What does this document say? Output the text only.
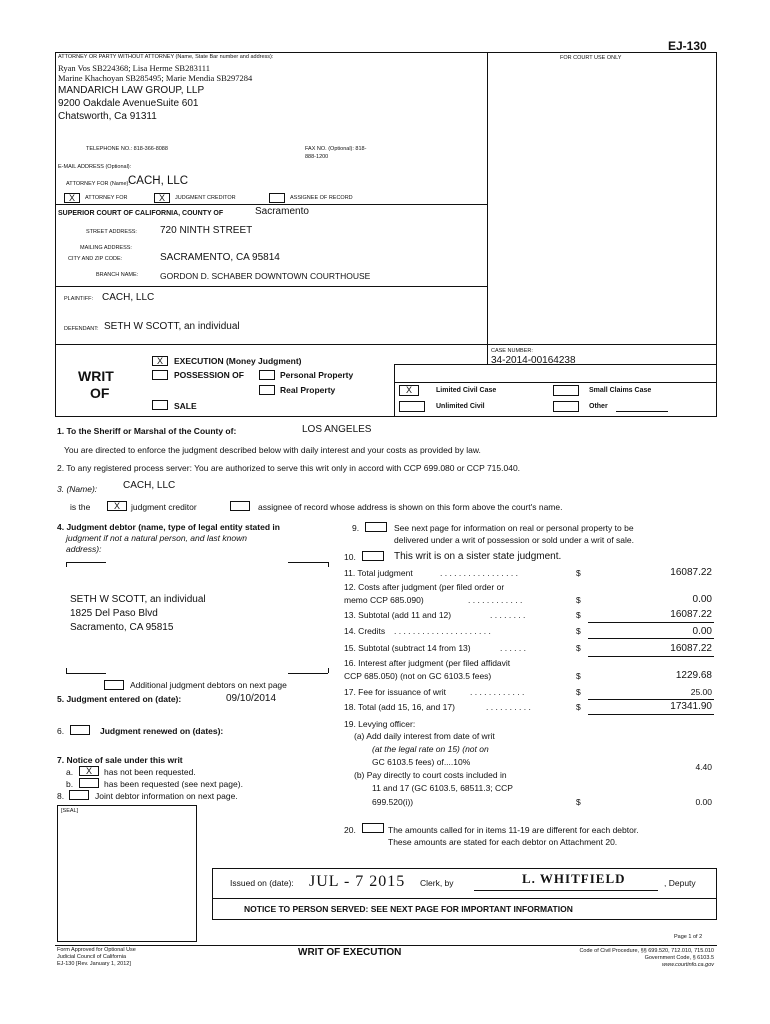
EJ-130
ATTORNEY OR PARTY WITHOUT ATTORNEY (Name, State Bar number and address):
Ryan Vos SB224368; Lisa Herme SB283111
Marine Khachoyan SB285495; Marie Mendia SB297284
MANDARICH LAW GROUP, LLP
9200 Oakdale AvenueSuite 601
Chatsworth, Ca 91311
TELEPHONE NO.: 818-366-8088	FAX NO. (Optional): 818-
888-1200
E-MAIL ADDRESS (Optional):
ATTORNEY FOR (Name):
CACH, LLC
X	ATTORNEY FOR	X	JUDGMENT CREDITOR	ASSIGNEE OF RECORD
FOR COURT USE ONLY
SUPERIOR COURT OF CALIFORNIA, COUNTY OF	Sacramento
STREET ADDRESS: 720 NINTH STREET
MAILING ADDRESS:
CITY AND ZIP CODE:	SACRAMENTO, CA 95814
BRANCH NAME:	GORDON D. SCHABER DOWNTOWN COURTHOUSE
PLAINTIFF: CACH, LLC
DEFENDANT: SETH W SCOTT, an individual
WRIT
OF
X	EXECUTION (Money Judgment)
POSSESSION OF	Personal Property
Real Property
SALE
CASE NUMBER:
34-2014-00164238
X	Limited Civil Case	Small Claims Case
Unlimited Civil	Other
1. To the Sheriff or Marshal of the County of:	LOS ANGELES
You are directed to enforce the judgment described below with daily interest and your costs as provided by law.
2. To any registered process server: You are authorized to serve this writ only in accord with CCP 699.080 or CCP 715.040.
3. (Name):	CACH, LLC
is the	X	judgment creditor	assignee of record whose address is shown on this form above the court's name.
4. Judgment debtor (name, type of legal entity stated in
judgment if not a natural person, and last known
address):
SETH W SCOTT, an individual
1825 Del Paso Blvd
Sacramento, CA 95815
Additional judgment debtors on next page
5. Judgment entered on (date):	09/10/2014
6.	Judgment renewed on (dates):
7. Notice of sale under this writ
a.	X	has not been requested.
b.	has been requested (see next page).
8.	Joint debtor information on next page.
[SEAL]
9.	See next page for information on real or personal property to be
delivered under a writ of possession or sold under a writ of sale.
10.	This writ is on a sister state judgment.
11. Total judgment	. . . . . . . . . . . . . . . . .	$	16087.22
12. Costs after judgment (per filed order or
memo CCP 685.090)	. . . . . . . . . . . .	$	0.00
13. Subtotal (add 11 and 12)	. . . . . . . .	$	16087.22
14. Credits . . . . . . . . . . . . . . . . . . . . .	$	0.00
15. Subtotal (subtract 14 from 13)	. . . . . .	$	16087.22
16. Interest after judgment (per filed affidavit
CCP 685.050) (not on GC 6103.5 fees)	$	1229.68
17. Fee for issuance of writ	. . . . . . . . . . . .	$	25.00
18. Total (add 15, 16, and 17)	. . . . . . . . . .	$	17341.90
19. Levying officer:
(a) Add daily interest from date of writ
(at the legal rate on 15) (not on
GC 6103.5 fees) of....10%	4.40
(b) Pay directly to court costs included in
11 and 17 (GC 6103.5, 68511.3; CCP
699.520(i))	$	0.00
20.	The amounts called for in items 11-19 are different for each debtor.
These amounts are stated for each debtor on Attachment 20.
Issued on (date): JUL - 7 2015 Clerk, by	L. WHITFIELD	, Deputy
NOTICE TO PERSON SERVED: SEE NEXT PAGE FOR IMPORTANT INFORMATION
Page 1 of 2
Form Approved for Optional Use
Judicial Council of California
EJ-130 [Rev. January 1, 2012]
WRIT OF EXECUTION	Code of Civil Procedure, §§ 699.520, 712.010, 715.010
Government Code, § 6103.5
www.courtinfo.ca.gov
